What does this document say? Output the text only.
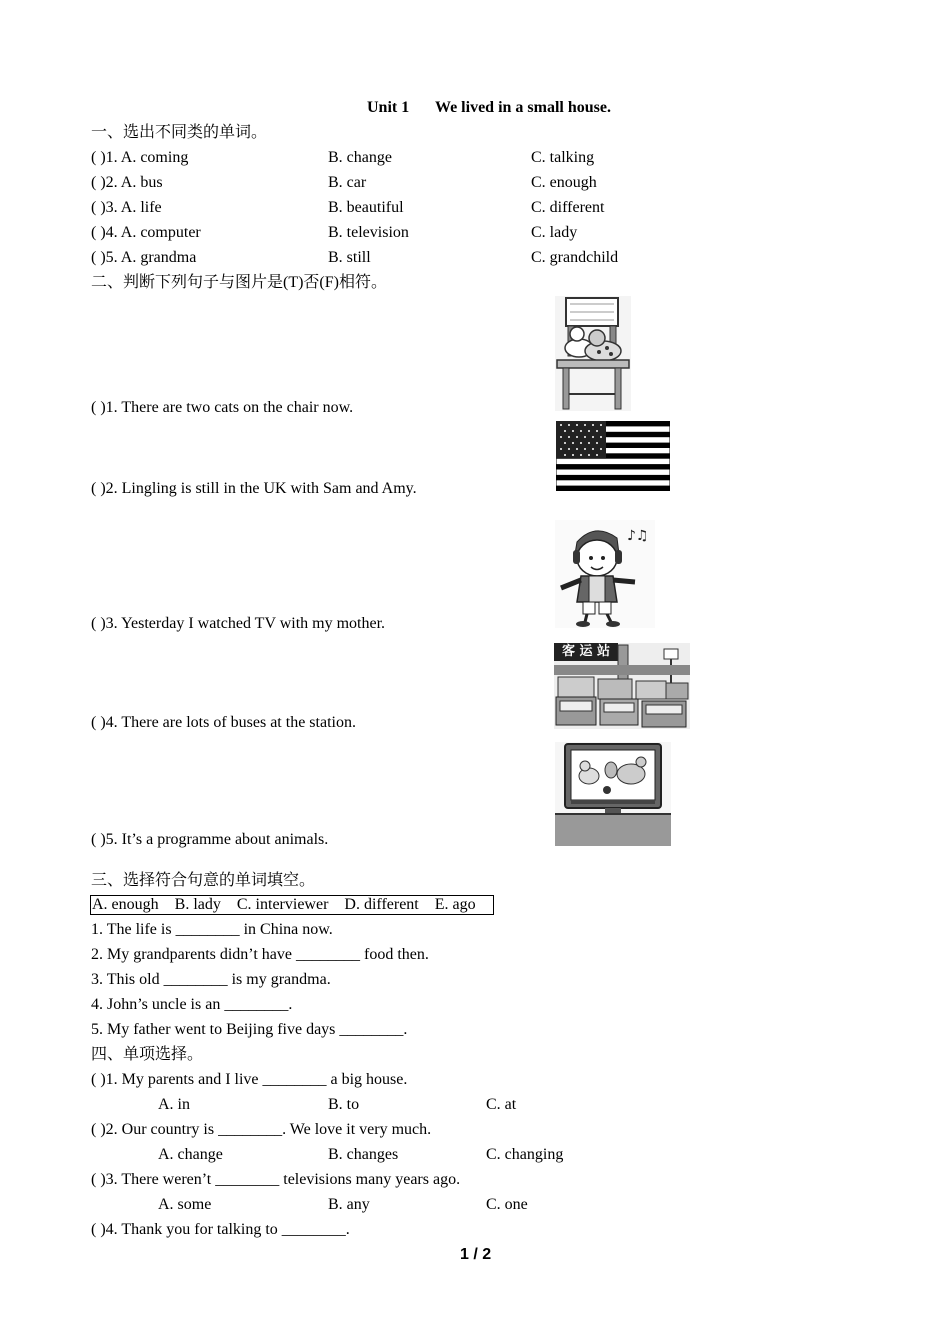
Unit 1 We lived in a small house.
一、选出不同类的单词。
( )1. A. coming	B. change	C. talking
( )2. A. bus	B. car	C. enough
( )3. A. life	B. beautiful	C. different
( )4. A. computer	B. television	C. lady
( )5. A. grandma	B. still	C. grandchild
二、判断下列句子与图片是(T)否(F)相符。
( )1. There are two cats on the chair now.
( )2. Lingling is still in the UK with Sam and Amy.
( )3. Yesterday I watched TV with my mother.
( )4. There are lots of buses at the station.
( )5. It’s a programme about animals.
♪♫
客 运 站
三、选择符合句意的单词填空。
A. enough    B. lady    C. interviewer    D. different    E. ago
1. The life is ________ in China now.
2. My grandparents didn’t have ________ food then.
3. This old ________ is my grandma.
4. John’s uncle is an ________.
5. My father went to Beijing five days ________.
四、单项选择。
( )1. My parents and I live ________ a big house.
A. in	B. to	C. at
( )2. Our country is ________. We love it very much.
A. change	B. changes	C. changing
( )3. There weren’t ________ televisions many years ago.
A. some	B. any	C. one
( )4. Thank you for talking to ________.
1 / 2
